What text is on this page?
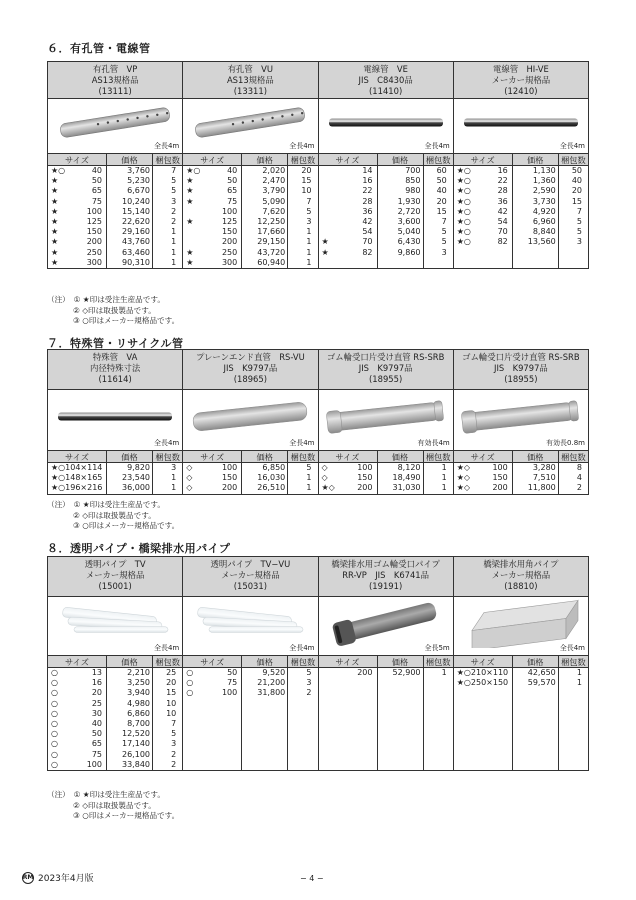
６．有孔管・電線管
有孔管　VP
AS13規格品
(13111)
全長4m
サイズ	価格	梱包数
★○	40	3,760	7
★	50	5,230	5
★	65	6,670	5
★	75	10,240	3
★	100	15,140	2
★	125	22,620	2
★	150	29,160	1
★	200	43,760	1
★	250	63,460	1
★	300	90,310	1
有孔管　VU
AS13規格品
(13311)
全長4m
サイズ	価格	梱包数
★○	40	2,020	20
★	50	2,470	15
★	65	3,790	10
★	75	5,090	7
100	7,620	5
★	125	12,250	3
150	17,660	1
200	29,150	1
★	250	43,720	1
★	300	60,940	1
電線管　VE
JIS　C8430品
(11410)
全長4m
サイズ	価格	梱包数
14	700	60
16	850	50
22	980	40
28	1,930	20
36	2,720	15
42	3,600	7
54	5,040	5
★	70	6,430	5
★	82	9,860	3
電線管　HI-VE
メーカー規格品
(12410)
全長4m
サイズ	価格	梱包数
★○	16	1,130	50
★○	22	1,360	40
★○	28	2,590	20
★○	36	3,730	15
★○	42	4,920	7
★○	54	6,960	5
★○	70	8,840	5
★○	82	13,560	3
（注）　① ★印は受注生産品です。
② ◇印は取扱製品です。
③ ○印はメーカー規格品です。
７．特殊管・リサイクル管
特殊管　VA
内径特殊寸法
(11614)
全長4m
サイズ	価格	梱包数
★○ 104×114	9,820	3
★○ 148×165	23,540	1
★○ 196×216	36,000	1
プレーンエンド直管　RS-VU
JIS　K9797品
(18965)
全長4m
サイズ	価格	梱包数
◇	100	6,850	5
◇	150	16,030	1
◇	200	26,510	1
ゴム輪受口片受け直管 RS-SRB
JIS　K9797品
(18955)
有効長4m
サイズ	価格	梱包数
◇	100	8,120	1
◇	150	18,490	1
★◇	200	31,030	1
ゴム輪受口片受け直管 RS-SRB
JIS　K9797品
(18955)
有効長0.8m
サイズ	価格	梱包数
★◇	100	3,280	8
★◇	150	7,510	4
★◇	200	11,800	2
（注）　① ★印は受注生産品です。
② ◇印は取扱製品です。
③ ○印はメーカー規格品です。
８．透明パイプ・橋梁排水用パイプ
透明パイプ　TV
メーカー規格品
(15001)
全長4m
サイズ	価格	梱包数
○	13	2,210	25
○	16	3,250	20
○	20	3,940	15
○	25	4,980	10
○	30	6,860	10
○	40	8,700	7
○	50	12,520	5
○	65	17,140	3
○	75	26,100	2
○	100	33,840	2
透明パイプ　TV−VU
メーカー規格品
(15031)
全長4m
サイズ	価格	梱包数
○	50	9,520	5
○	75	21,200	3
○	100	31,800	2
橋梁排水用ゴム輪受口パイプ
RR-VP　JIS　K6741品
(19191)
全長5m
サイズ	価格	梱包数
200	52,900	1
橋梁排水用角パイプ
メーカー規格品
(18810)
全長4m
サイズ	価格	梱包数
★○ 210×110	42,650	1
★○ 250×150	59,570	1
（注）　① ★印は受注生産品です。
② ◇印は取扱製品です。
③ ○印はメーカー規格品です。
RM 2023年4月版	− 4 −
